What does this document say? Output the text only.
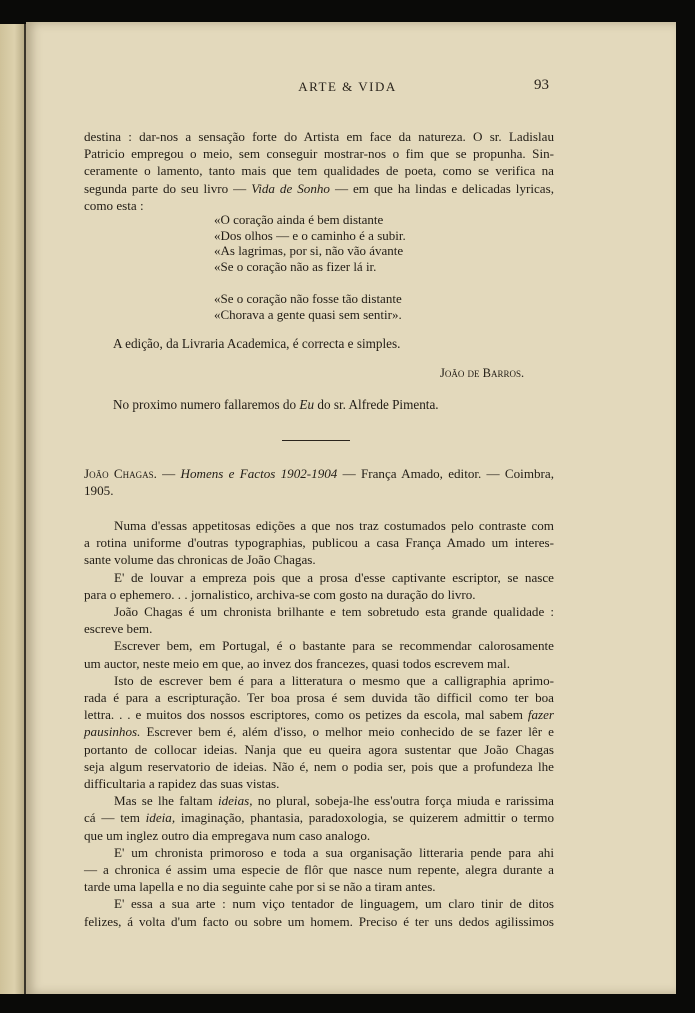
ARTE & VIDA	93
destina : dar-nos a sensação forte do Artista em face da natureza. O sr. Ladislau
Patricio empregou o meio, sem conseguir mostrar-nos o fim que se propunha. Sin-
ceramente o lamento, tanto mais que tem qualidades de poeta, como se verifica na
segunda parte do seu livro — Vida de Sonho — em que ha lindas e delicadas lyricas,
como esta :
«O coração ainda é bem distante
«Dos olhos — e o caminho é a subir.
«As lagrimas, por si, não vão ávante
«Se o coração não as fizer lá ir.
«Se o coração não fosse tão distante
«Chorava a gente quasi sem sentir».
A edição, da Livraria Academica, é correcta e simples.
João de Barros.
No proximo numero fallaremos do Eu do sr. Alfrede Pimenta.
João Chagas. — Homens e Factos 1902-1904 — França Amado, editor. — Coimbra,
1905.
Numa d'essas appetitosas edições a que nos traz costumados pelo contraste com
a rotina uniforme d'outras typographias, publicou a casa França Amado um interes-
sante volume das chronicas de João Chagas.
E' de louvar a empreza pois que a prosa d'esse captivante escriptor, se nasce
para o ephemero. . . jornalistico, archiva-se com gosto na duração do livro.
João Chagas é um chronista brilhante e tem sobretudo esta grande qualidade :
escreve bem.
Escrever bem, em Portugal, é o bastante para se recommendar calorosamente
um auctor, neste meio em que, ao invez dos francezes, quasi todos escrevem mal.
Isto de escrever bem é para a litteratura o mesmo que a calligraphia aprimo-
rada é para a escripturação. Ter boa prosa é sem duvida tão difficil como ter boa
lettra. . . e muitos dos nossos escriptores, como os petizes da escola, mal sabem fazer
pausinhos. Escrever bem é, além d'isso, o melhor meio conhecido de se fazer lêr e
portanto de collocar ideias. Nanja que eu queira agora sustentar que João Chagas
seja algum reservatorio de ideias. Não é, nem o podia ser, pois que a profundeza lhe
difficultaria a rapidez das suas vistas.
Mas se lhe faltam ideias, no plural, sobeja-lhe ess'outra força miuda e rarissima
cá — tem ideia, imaginação, phantasia, paradoxologia, se quizerem admittir o termo
que um inglez outro dia empregava num caso analogo.
E' um chronista primoroso e toda a sua organisação litteraria pende para ahi
— a chronica é assim uma especie de flôr que nasce num repente, alegra durante a
tarde uma lapella e no dia seguinte cahe por si se não a tiram antes.
E' essa a sua arte : num viço tentador de linguagem, um claro tinir de ditos
felizes, á volta d'um facto ou sobre um homem. Preciso é ter uns dedos agilissimos
